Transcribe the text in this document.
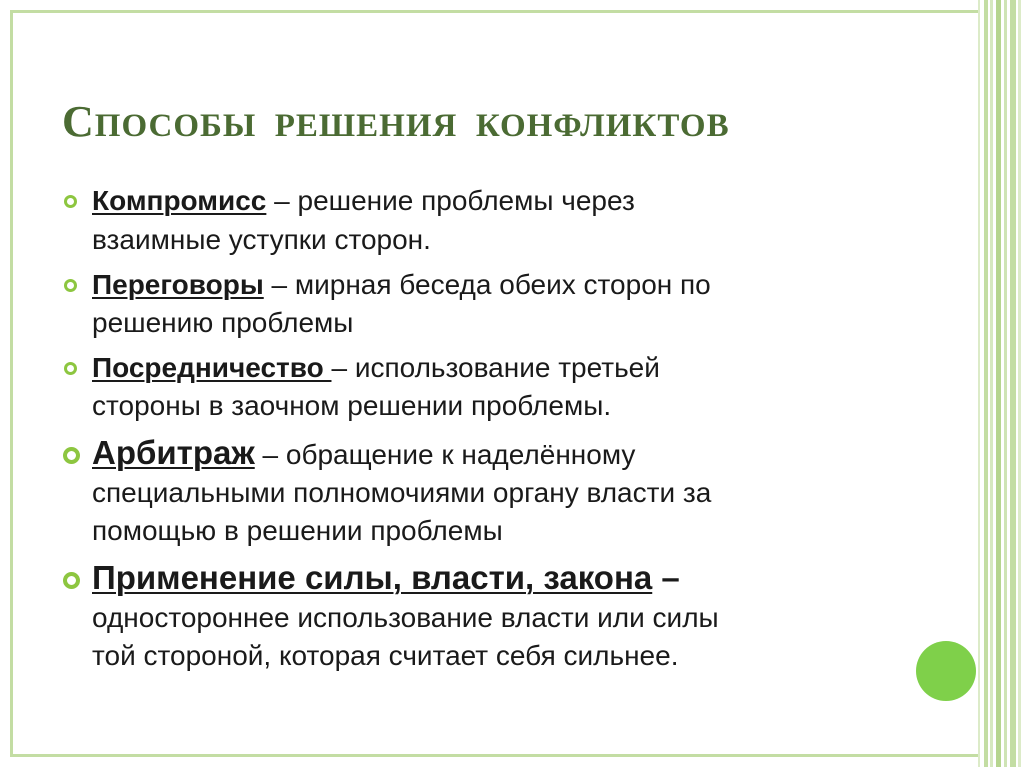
СПОСОБЫ РЕШЕНИЯ КОНФЛИКТОВ
Компромисс – решение проблемы через
взаимные уступки сторон.
Переговоры – мирная беседа обеих сторон по
решению проблемы
Посредничество – использование третьей
стороны в заочном решении проблемы.
Арбитраж – обращение к наделённому
специальными полномочиями органу власти за
помощью в решении проблемы
Применение силы, власти, закона –
одностороннее использование власти или силы
той стороной, которая считает себя сильнее.
